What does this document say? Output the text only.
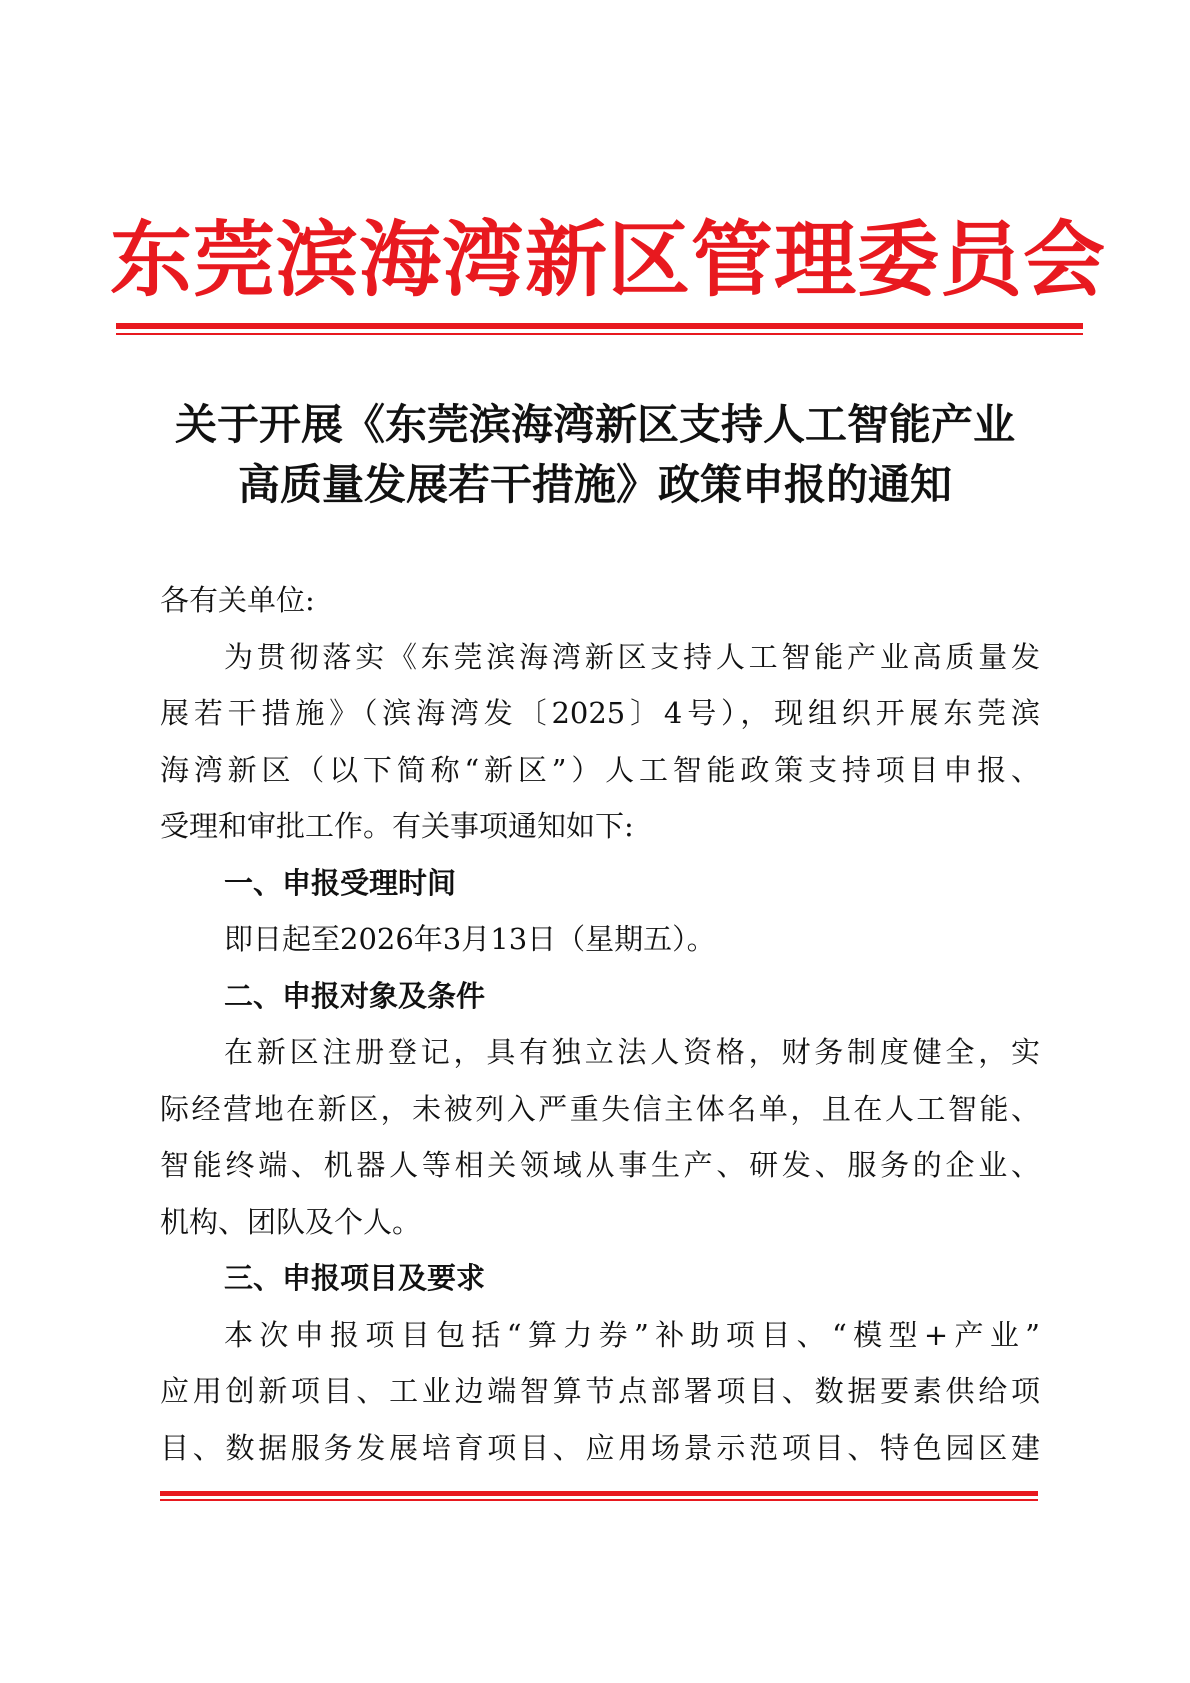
东莞滨海湾新区管理委员会
关于开展《东莞滨海湾新区支持人工智能产业
高质量发展若干措施》政策申报的通知
各有关单位:
为贯彻落实《东莞滨海湾新区支持人工智能产业高质量发
展若干措施》（滨海湾发〔2025〕4号），现组织开展东莞滨
海湾新区（以下简称“新区”）人工智能政策支持项目申报、
受理和审批工作。有关事项通知如下:
一、申报受理时间
即日起至2026年3月13日（星期五）。
二、申报对象及条件
在新区注册登记，具有独立法人资格，财务制度健全，实
际经营地在新区，未被列入严重失信主体名单，且在人工智能、
智能终端、机器人等相关领域从事生产、研发、服务的企业、
机构、团队及个人。
三、申报项目及要求
本次申报项目包括“算力券”补助项目、“模型+产业”
应用创新项目、工业边端智算节点部署项目、数据要素供给项
目、数据服务发展培育项目、应用场景示范项目、特色园区建
